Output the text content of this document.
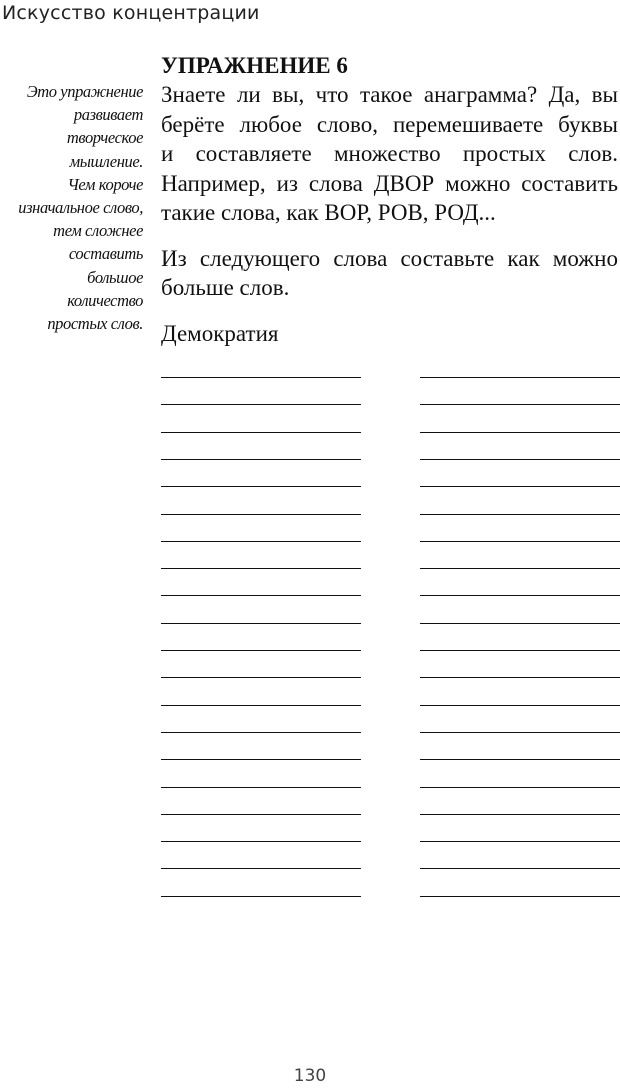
Искусство концентрации
Это упражнение
развивает
творческое
мышление.
Чем короче
изначальное слово,
тем сложнее
составить
большое
количество
простых слов.
УПРАЖНЕНИЕ 6
Знаете ли вы, что такое анаграмма? Да, вы
берёте любое слово, перемешиваете буквы
и составляете множество простых слов.
Например, из слова ДВОР можно составить
такие слова, как ВОР, РОВ, РОД...
Из следующего слова составьте как можно
больше слов.
Демократия
130
